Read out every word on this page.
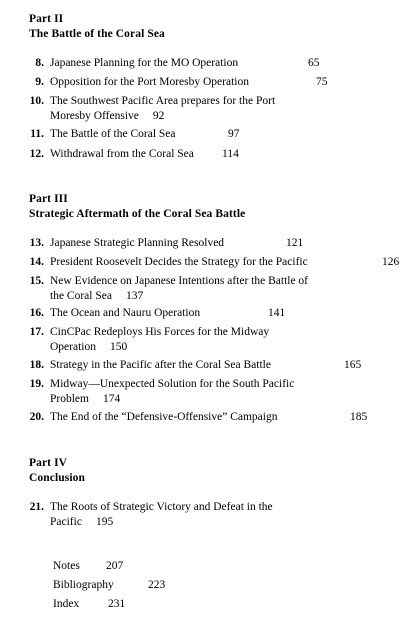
Part II
The Battle of the Coral Sea
8. Japanese Planning for the MO Operation	65
9. Opposition for the Port Moresby Operation	75
10. The Southwest Pacific Area prepares for the Port
Moresby Offensive 92
11. The Battle of the Coral Sea	97
12. Withdrawal from the Coral Sea 114
Part III
Strategic Aftermath of the Coral Sea Battle
13. Japanese Strategic Planning Resolved	121
14. President Roosevelt Decides the Strategy for the Pacific	126
15. New Evidence on Japanese Intentions after the Battle of
the Coral Sea 137
16. The Ocean and Nauru Operation	141
17. CinCPac Redeploys His Forces for the Midway
Operation 150
18. Strategy in the Pacific after the Coral Sea Battle	165
19. Midway—Unexpected Solution for the South Pacific
Problem 174
20. The End of the “Defensive-Offensive” Campaign	185
Part IV
Conclusion
21. The Roots of Strategic Victory and Defeat in the
Pacific 195
Notes 207
Bibliography	223
Index	231
